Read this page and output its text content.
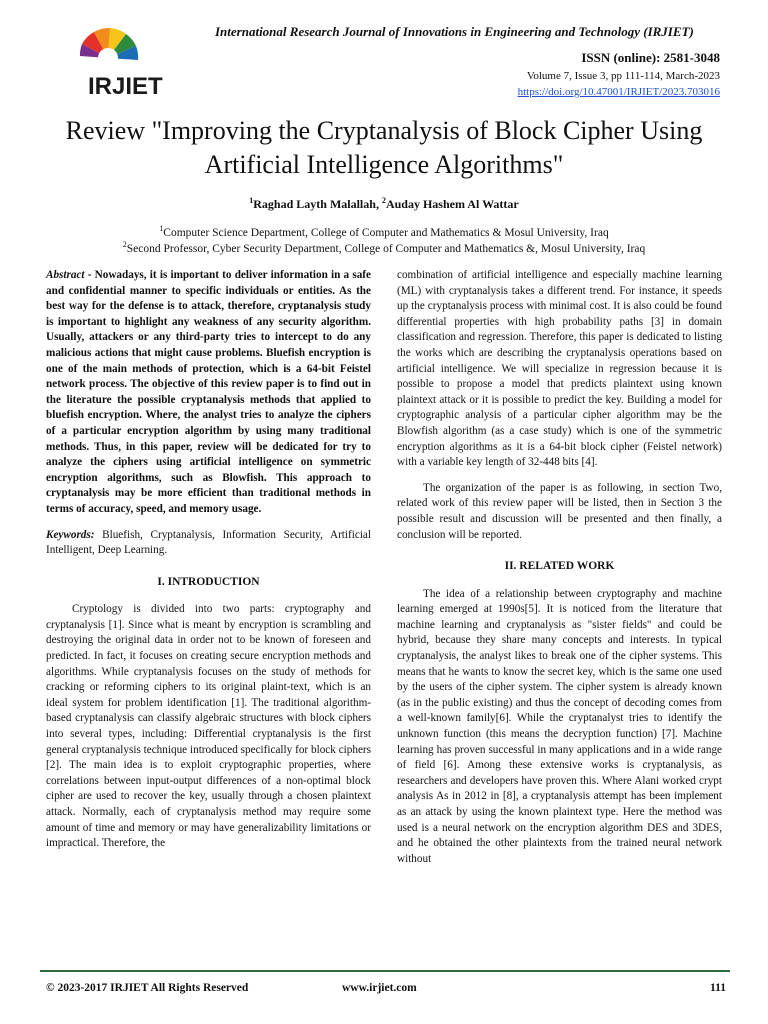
IRJIET
International Research Journal of Innovations in Engineering and Technology (IRJIET)
ISSN (online): 2581-3048
Volume 7, Issue 3, pp 111-114, March-2023
https://doi.org/10.47001/IRJIET/2023.703016
Review "Improving the Cryptanalysis of Block Cipher Using Artificial Intelligence Algorithms"
$^1$Raghad Layth Malallah, $^2$Auday Hashem Al Wattar
$^1$Computer Science Department, College of Computer and Mathematics & Mosul University, Iraq
$^2$Second Professor, Cyber Security Department, College of Computer and Mathematics &, Mosul University, Iraq

Abstract - Nowadays, it is important to deliver information in a safe and confidential manner to specific individuals or entities. As the best way for the defense is to attack, therefore, cryptanalysis study is important to highlight any weakness of any security algorithm. Usually, attackers or any third-party tries to intercept to do any malicious actions that might cause problems. Bluefish encryption is one of the main methods of protection, which is a 64-bit Feistel network process. The objective of this review paper is to find out in the literature the possible cryptanalysis methods that applied to bluefish encryption. Where, the analyst tries to analyze the ciphers of a particular encryption algorithm by using many traditional methods. Thus, in this paper, review will be dedicated for try to analyze the ciphers using artificial intelligence on symmetric encryption algorithms, such as Blowfish. This approach to cryptanalysis may be more efficient than traditional methods in terms of accuracy, speed, and memory usage.

Keywords: Bluefish, Cryptanalysis, Information Security, Artificial Intelligent, Deep Learning.

I. INTRODUCTION

Cryptology is divided into two parts: cryptography and cryptanalysis [1]. Since what is meant by encryption is scrambling and destroying the original data in order not to be known of foreseen and predicted. In fact, it focuses on creating secure encryption methods and algorithms. While cryptanalysis focuses on the study of methods for cracking or reforming ciphers to its original plaint-text, which is an ideal system for problem identification [1]. The traditional algorithm-based cryptanalysis can classify algebraic structures with block ciphers into several types, including: Differential cryptanalysis is the first general cryptanalysis technique introduced specifically for block ciphers [2]. The main idea is to exploit cryptographic properties, where correlations between input-output differences of a non-optimal block cipher are used to recover the key, usually through a chosen plaintext attack. Normally, each of cryptanalysis method may require some amount of time and memory or may have generalizability limitations or impractical. Therefore, the

combination of artificial intelligence and especially machine learning (ML) with cryptanalysis takes a different trend. For instance, it speeds up the cryptanalysis process with minimal cost. It is also could be found differential properties with high probability paths [3] in domain classification and regression. Therefore, this paper is dedicated to listing the works which are describing the cryptanalysis operations based on artificial intelligence. We will specialize in regression because it is possible to propose a model that predicts plaintext using known plaintext attack or it is possible to predict the key. Building a model for cryptographic analysis of a particular cipher algorithm may be the Blowfish algorithm (as a case study) which is one of the symmetric encryption algorithms as it is a 64-bit block cipher (Feistel network) with a variable key length of 32-448 bits [4].

The organization of the paper is as following, in section Two, related work of this review paper will be listed, then in Section 3 the possible result and discussion will be presented and then finally, a conclusion will be reported.

II. RELATED WORK

The idea of a relationship between cryptography and machine learning emerged at 1990s[5]. It is noticed from the literature that machine learning and cryptanalysis as "sister fields" and could be hybrid, because they share many concepts and interests. In typical cryptanalysis, the analyst likes to break one of the cipher systems. This means that he wants to know the secret key, which is the same one used by the users of the cipher system. The cipher system is already known (as in the public existing) and thus the concept of decoding comes from a well-known family[6]. While the cryptanalyst tries to identify the unknown function (this means the decryption function) [7]. Machine learning has proven successful in many applications and in a wide range of field [6]. Among these extensive works is cryptanalysis, as researchers and developers have proven this. Where Alani worked crypt analysis As in 2012 in [8], a cryptanalysis attempt has been implement as an attack by using the known plaintext type. Here the method was used is a neural network on the encryption algorithm DES and 3DES, and he obtained the other plaintexts from the trained neural network without

© 2023-2017 IRJIET All Rights Reserved	www.irjiet.com	111
